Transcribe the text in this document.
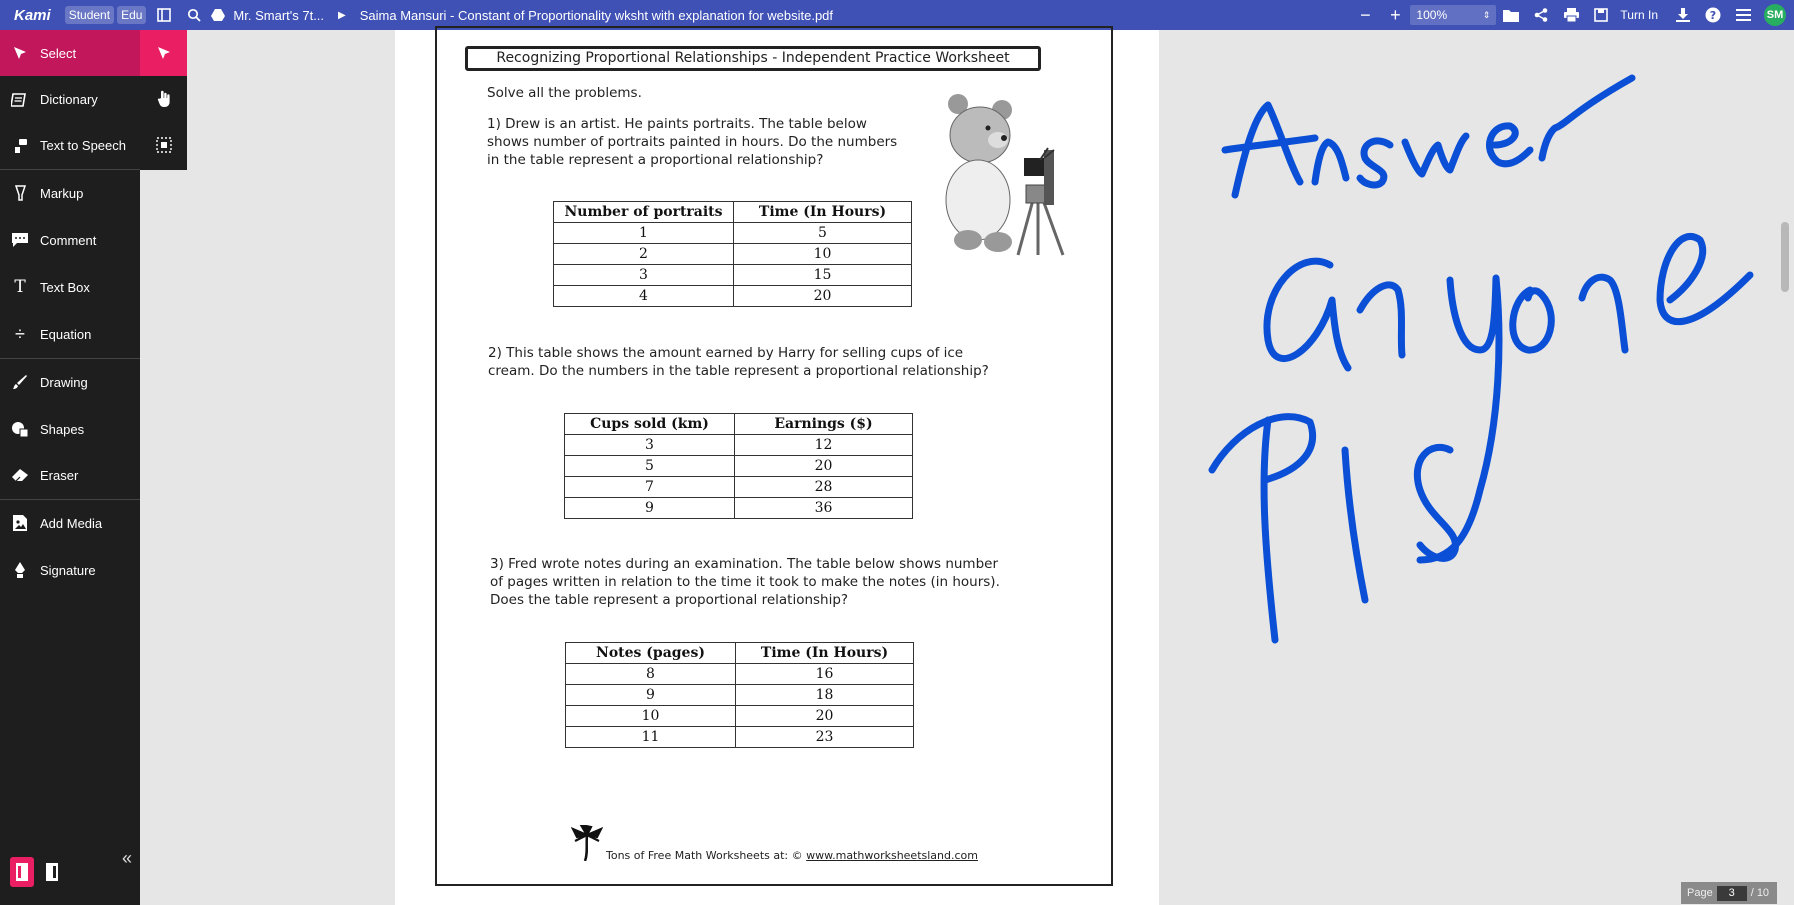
Kami	Student Edu	Mr. Smart's 7t... ▶ Saima Mansuri - Constant of Proportionality wksht with explanation for website.pdf	−	+	100%	⇕	Turn In	?	SM
Select
Dictionary
Text to Speech
Markup
Comment
T	Text Box
÷	Equation
Drawing
Shapes
Eraser
Add Media
Signature
«
Recognizing Proportional Relationships - Independent Practice Worksheet
Solve all the problems.
1) Drew is an artist. He paints portraits. The table below
shows number of portraits painted in hours. Do the numbers
in the table represent a proportional relationship?
Number of portraits	Time (In Hours)
1	5
2	10
3	15
4	20
2) This table shows the amount earned by Harry for selling cups of ice
cream. Do the numbers in the table represent a proportional relationship?
Cups sold (km)	Earnings ($)
3	12
5	20
7	28
9	36
3) Fred wrote notes during an examination. The table below shows number
of pages written in relation to the time it took to make the notes (in hours).
Does the table represent a proportional relationship?
Notes (pages)	Time (In Hours)
8	16
9	18
10	20
11	23
Tons of Free Math Worksheets at: © www.mathworksheetsland.com
Page	3	/ 10
